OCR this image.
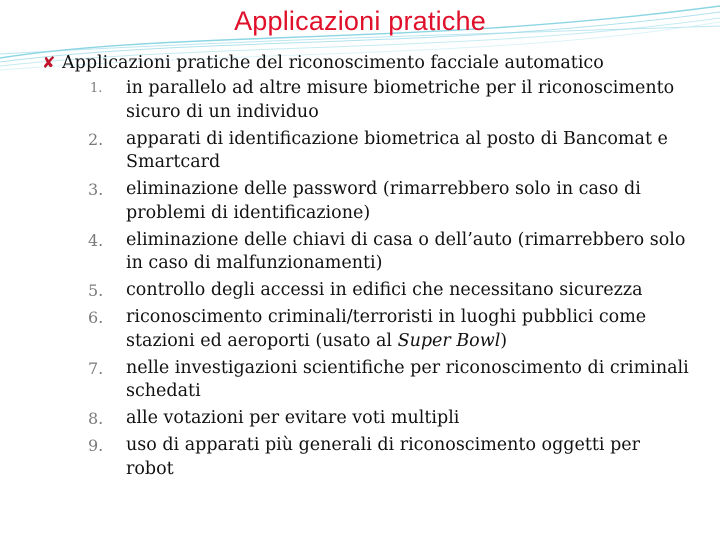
Applicazioni pratiche
✘ Applicazioni pratiche del riconoscimento facciale automatico
1. in parallelo ad altre misure biometriche per il riconoscimento sicuro di un individuo
2. apparati di identificazione biometrica al posto di Bancomat e Smartcard
3. eliminazione delle password (rimarrebbero solo in caso di problemi di identificazione)
4. eliminazione delle chiavi di casa o dell’auto (rimarrebbero solo in caso di malfunzionamenti)
5. controllo degli accessi in edifici che necessitano sicurezza
6. riconoscimento criminali/terroristi in luoghi pubblici come stazioni ed aeroporti (usato al Super Bowl)
7. nelle investigazioni scientifiche per riconoscimento di criminali schedati
8. alle votazioni per evitare voti multipli
9. uso di apparati più generali di riconoscimento oggetti per robot
